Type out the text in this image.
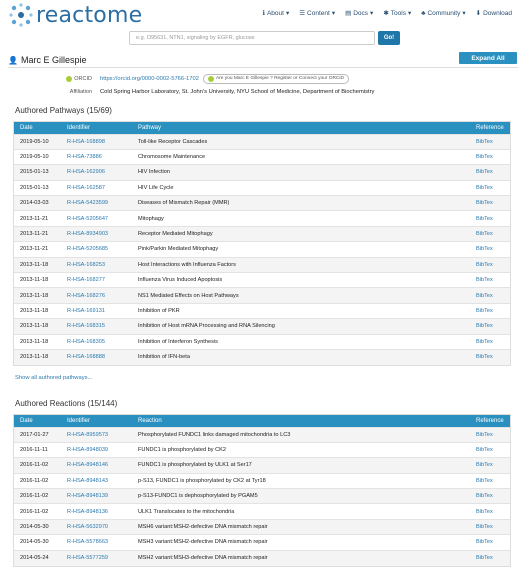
reactome	ℹ About ▾ ☰ Content ▾ ▤ Docs ▾ ✱ Tools ▾ ♣ Community ▾ ⬇ Download
e.g. O95631, NTN1, signaling by EGFR, glucose	Go!
👤 Marc E Gillespie	Expand All
ORCID https://orcid.org/0000-0002-5766-1702	Are you Marc E Gillespie ? Register or Connect your ORCiD
Affiliation	Cold Spring Harbor Laboratory, St. John's University, NYU School of Medicine, Department of Biochemistry
Authored Pathways (15/69)
Date	Identifier	Pathway	Reference
2019-05-10	R-HSA-168898	Toll-like Receptor Cascades	BibTex
2019-05-10	R-HSA-73886	Chromosome Maintenance	BibTex
2015-01-13	R-HSA-162906	HIV Infection	BibTex
2015-01-13	R-HSA-162587	HIV Life Cycle	BibTex
2014-03-03	R-HSA-5423599	Diseases of Mismatch Repair (MMR)	BibTex
2013-11-21	R-HSA-5205647	Mitophagy	BibTex
2013-11-21	R-HSA-8934903	Receptor Mediated Mitophagy	BibTex
2013-11-21	R-HSA-5205685	Pink/Parkin Mediated Mitophagy	BibTex
2013-11-18	R-HSA-168253	Host Interactions with Influenza Factors	BibTex
2013-11-18	R-HSA-168277	Influenza Virus Induced Apoptosis	BibTex
2013-11-18	R-HSA-168276	NS1 Mediated Effects on Host Pathways	BibTex
2013-11-18	R-HSA-169131	Inhibition of PKR	BibTex
2013-11-18	R-HSA-168315	Inhibition of Host mRNA Processing and RNA Silencing	BibTex
2013-11-18	R-HSA-168305	Inhibition of Interferon Synthesis	BibTex
2013-11-18	R-HSA-168888	Inhibition of IFN-beta	BibTex
Show all authored pathways...
Authored Reactions (15/144)
Date	Identifier	Reaction	Reference
2017-01-27	R-HSA-8959573	Phosphorylated FUNDC1 links damaged mitochondria to LC3	BibTex
2016-11-11	R-HSA-8948039	FUNDC1 is phosphorylated by CK2	BibTex
2016-11-02	R-HSA-8948146	FUNDC1 is phosphorylated by ULK1 at Ser17	BibTex
2016-11-02	R-HSA-8948143	p-S13, FUNDC1 is phosphorylated by CK2 at Tyr18	BibTex
2016-11-02	R-HSA-8948139	p-S13-FUNDC1 is dephosphorylated by PGAM5	BibTex
2016-11-02	R-HSA-8948136	ULK1 Translocates to the mitochondria	BibTex
2014-05-30	R-HSA-5632970	MSH6 variant:MSH2-defective DNA mismatch repair	BibTex
2014-05-30	R-HSA-5578663	MSH3 variant:MSH2-defective DNA mismatch repair	BibTex
2014-05-24	R-HSA-5577259	MSH2 variant:MSH3-defective DNA mismatch repair	BibTex
